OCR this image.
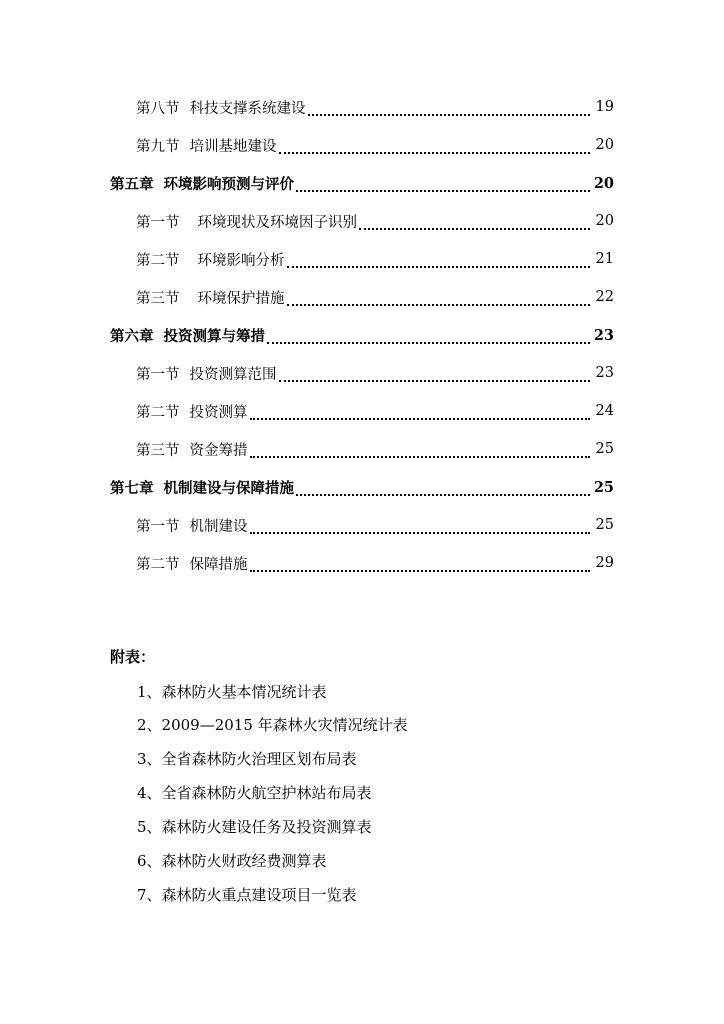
第八节 科技支撑系统建设	19
第九节 培训基地建设	20
第五章 环境影响预测与评价	20
第一节 环境现状及环境因子识别	20
第二节 环境影响分析	21
第三节 环境保护措施	22
第六章 投资测算与筹措	23
第一节 投资测算范围	23
第二节 投资测算	24
第三节 资金筹措	25
第七章 机制建设与保障措施	25
第一节 机制建设	25
第二节 保障措施	29
附表：
1、森林防火基本情况统计表
2、2009—2015 年森林火灾情况统计表
3、全省森林防火治理区划布局表
4、全省森林防火航空护林站布局表
5、森林防火建设任务及投资测算表
6、森林防火财政经费测算表
7、森林防火重点建设项目一览表
